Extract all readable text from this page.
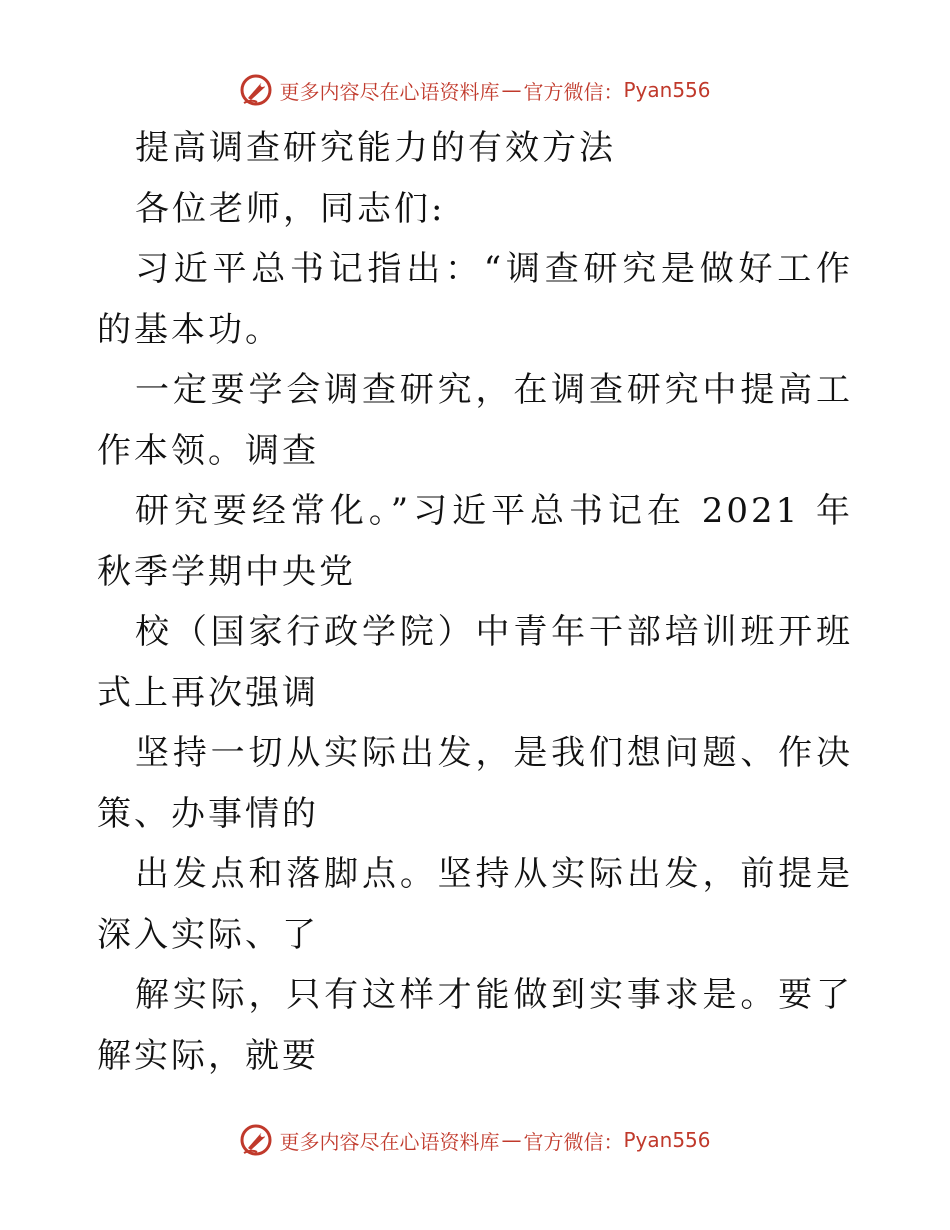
更多内容尽在心语资料库 — 官方微信： Pyan556

提高调查研究能力的有效方法

各位老师，同志们:

习近平总书记指出：“调查研究是做好工作的基本功。

一定要学会调查研究，在调查研究中提高工作本领。调查

研究要经常化。”习近平总书记在 2021 年秋季学期中央党

校（国家行政学院）中青年干部培训班开班式上再次强调

坚持一切从实际出发，是我们想问题、作决策、办事情的

出发点和落脚点。坚持从实际出发，前提是深入实际、了

解实际，只有这样才能做到实事求是。要了解实际，就要

更多内容尽在心语资料库 — 官方微信： Pyan556
